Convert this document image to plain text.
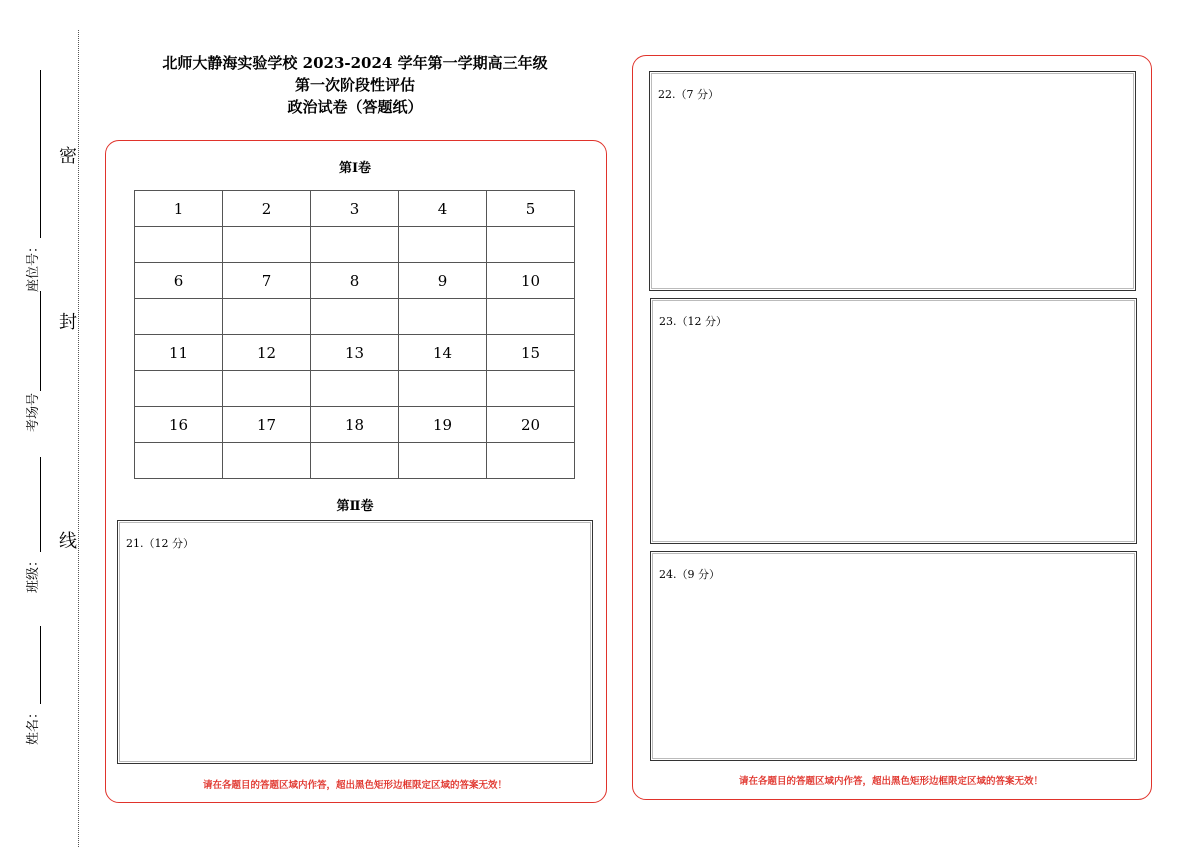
密
封
线
座位号：
考场号
班级：
姓名：
北师大静海实验学校 2023-2024 学年第一学期高三年级
第一次阶段性评估
政治试卷（答题纸）
第Ⅰ卷
1	2	3	4	5

6	7	8	9	10

11	12	13	14	15

16	17	18	19	20

第Ⅱ卷
21.（12 分）
请在各题目的答题区域内作答，超出黑色矩形边框限定区域的答案无效！
22.（7 分）
23.（12 分）
24.（9 分）
请在各题目的答题区域内作答，超出黑色矩形边框限定区域的答案无效！
